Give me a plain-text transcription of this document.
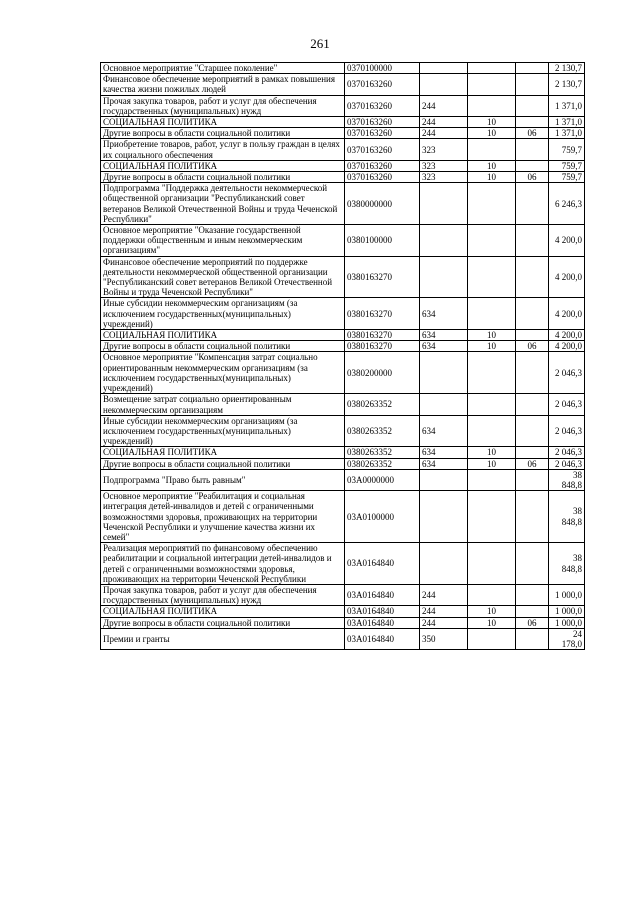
261
Основное мероприятие "Старшее поколение"	0370100000				2 130,7
Финансовое обеспечение мероприятий в рамках повышения качества жизни пожилых людей	0370163260				2 130,7
Прочая закупка товаров, работ и услуг для обеспечения государственных (муниципальных) нужд	0370163260	244			1 371,0
СОЦИАЛЬНАЯ ПОЛИТИКА	0370163260	244	10		1 371,0
Другие вопросы в области социальной политики	0370163260	244	10	06	1 371,0
Приобретение товаров, работ, услуг в пользу граждан в целях их социального обеспечения	0370163260	323			759,7
СОЦИАЛЬНАЯ ПОЛИТИКА	0370163260	323	10		759,7
Другие вопросы в области социальной политики	0370163260	323	10	06	759,7
Подпрограмма "Поддержка деятельности некоммерческой общественной организации "Республиканский совет ветеранов Великой Отечественной Войны и труда Чеченской Республики"	0380000000				6 246,3
Основное мероприятие "Оказание государственной поддержки общественным и иным некоммерческим организациям"	0380100000				4 200,0
Финансовое обеспечение мероприятий по поддержке деятельности некоммерческой общественной организации "Республиканский совет ветеранов Великой Отечественной Войны и труда Чеченской Республики"	0380163270				4 200,0
Иные субсидии некоммерческим организациям (за исключением государственных(муниципальных) учреждений)	0380163270	634			4 200,0
СОЦИАЛЬНАЯ ПОЛИТИКА	0380163270	634	10		4 200,0
Другие вопросы в области социальной политики	0380163270	634	10	06	4 200,0
Основное мероприятие "Компенсация затрат социально ориентированным некоммерческим организациям (за исключением государственных(муниципальных) учреждений)	0380200000				2 046,3
Возмещение затрат социально ориентированным некоммерческим организациям	0380263352				2 046,3
Иные субсидии некоммерческим организациям (за исключением государственных(муниципальных) учреждений)	0380263352	634			2 046,3
СОЦИАЛЬНАЯ ПОЛИТИКА	0380263352	634	10		2 046,3
Другие вопросы в области социальной политики	0380263352	634	10	06	2 046,3
Подпрограмма "Право быть равным"	03А0000000				38 848,8
Основное мероприятие "Реабилитация и социальная интеграция детей-инвалидов и детей с ограниченными возможностями здоровья, проживающих на территории Чеченской Республики и улучшение качества жизни их семей"	03А0100000				38 848,8
Реализация мероприятий по финансовому обеспечению реабилитации и социальной интеграции детей-инвалидов и детей с ограниченными возможностями здоровья, проживающих на территории Чеченской Республики	03А0164840				38 848,8
Прочая закупка товаров, работ и услуг для обеспечения государственных (муниципальных) нужд	03А0164840	244			1 000,0
СОЦИАЛЬНАЯ ПОЛИТИКА	03А0164840	244	10		1 000,0
Другие вопросы в области социальной политики	03А0164840	244	10	06	1 000,0
Премии и гранты	03А0164840	350			24 178,0
